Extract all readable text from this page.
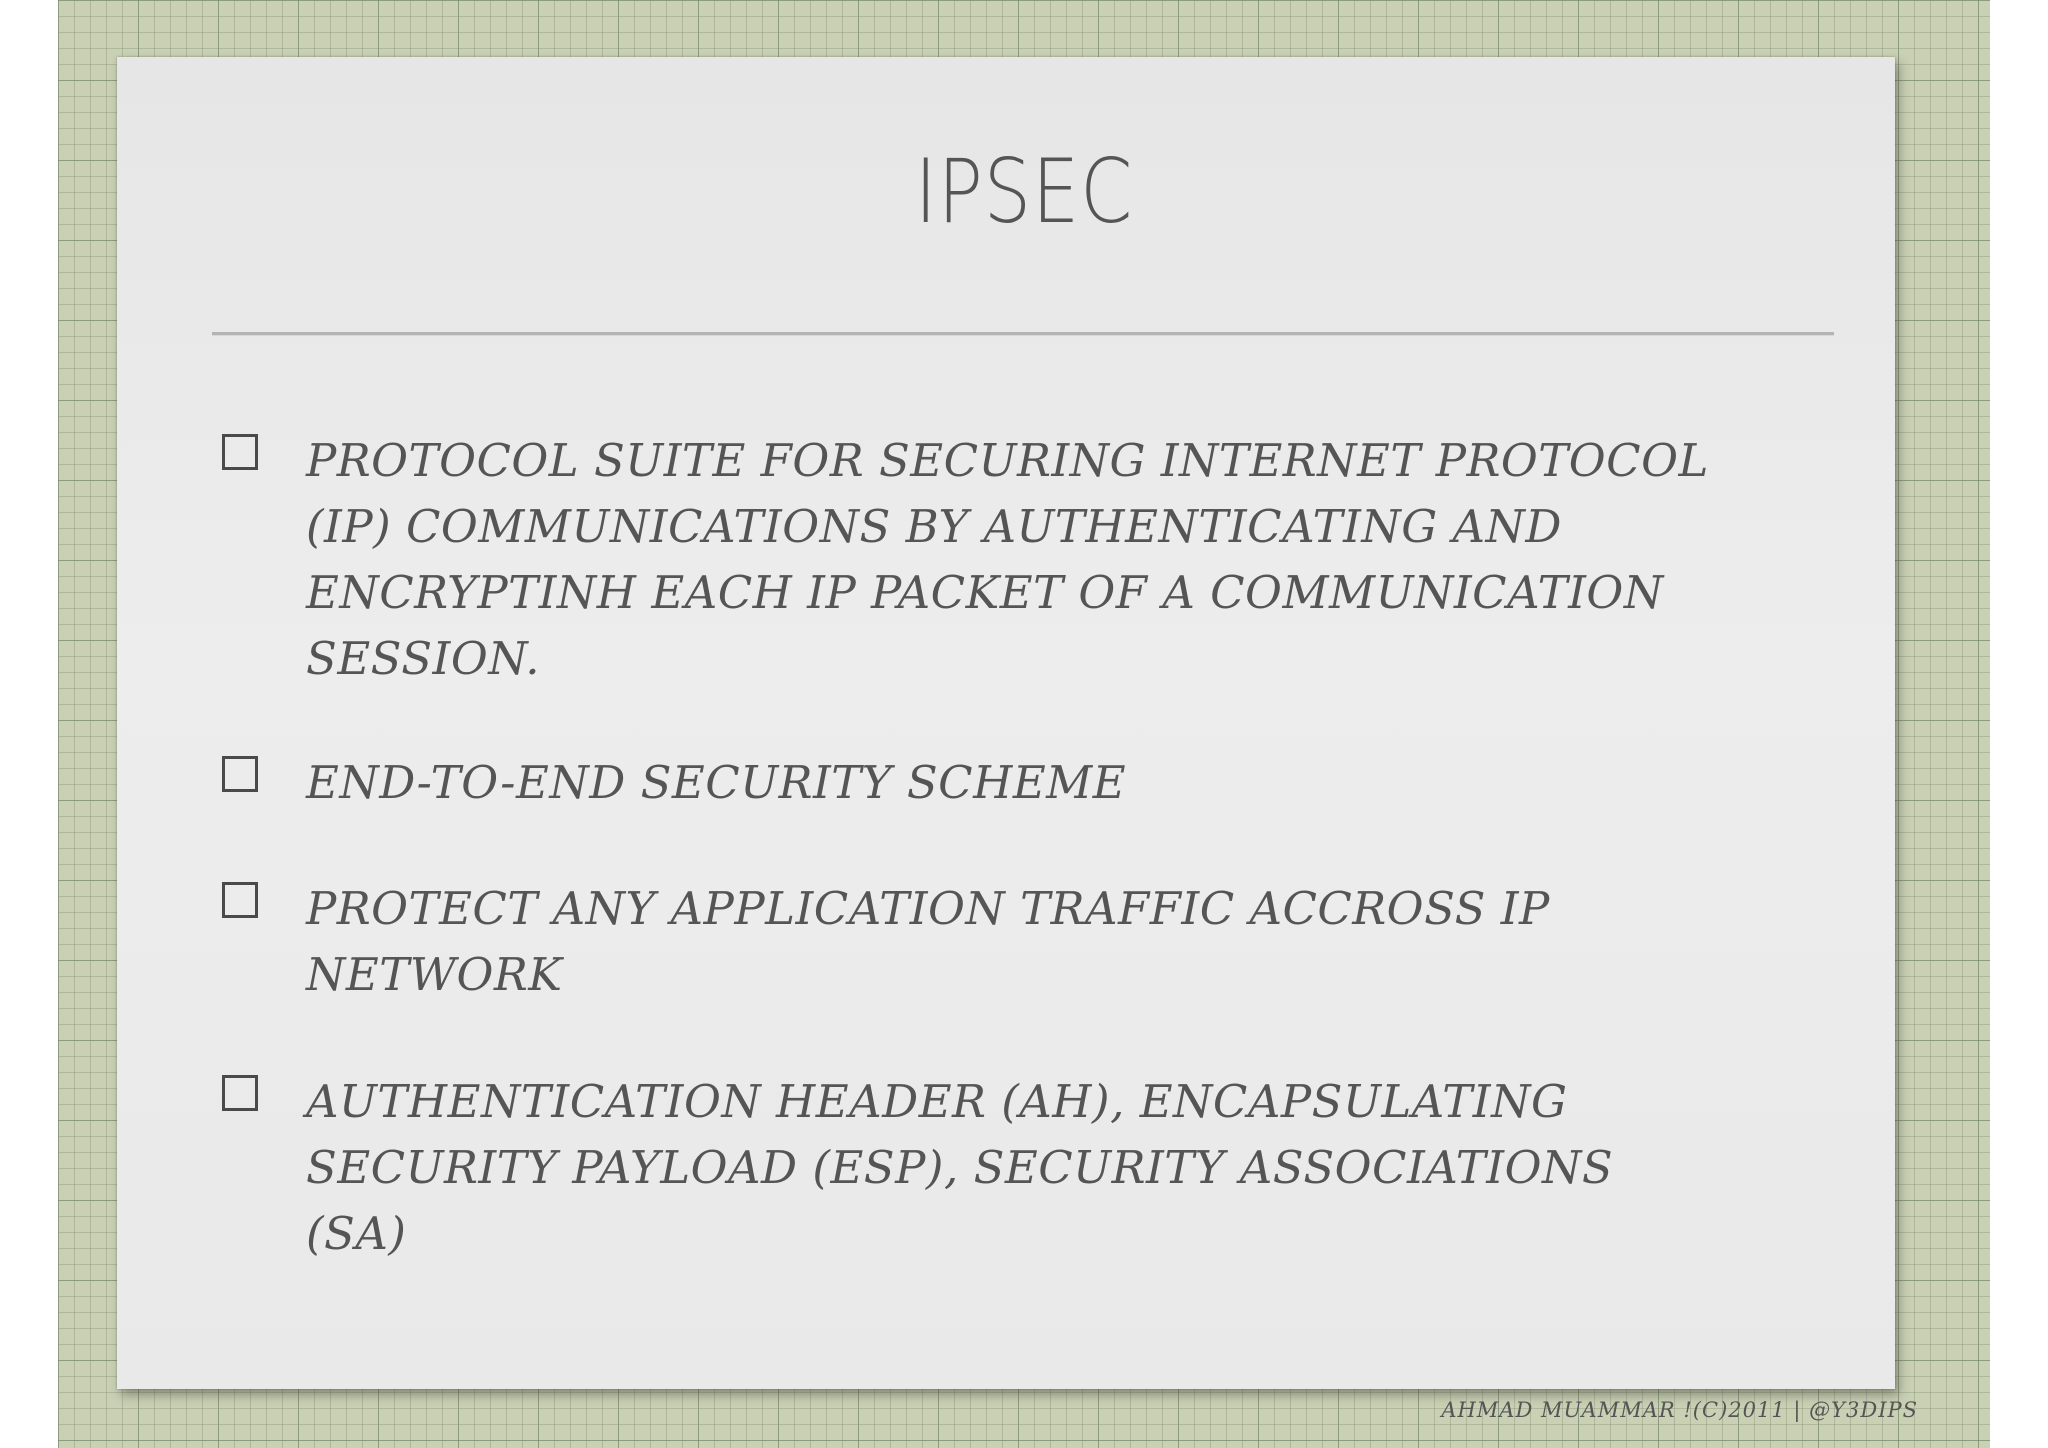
IPSEC
PROTOCOL SUITE FOR SECURING INTERNET PROTOCOL
(IP) COMMUNICATIONS BY AUTHENTICATING AND
ENCRYPTINH EACH IP PACKET OF A COMMUNICATION
SESSION.
END-TO-END SECURITY SCHEME
PROTECT ANY APPLICATION TRAFFIC ACCROSS IP
NETWORK
AUTHENTICATION HEADER (AH), ENCAPSULATING
SECURITY PAYLOAD (ESP), SECURITY ASSOCIATIONS
(SA)
AHMAD MUAMMAR !(C)2011 | @Y3DIPS
